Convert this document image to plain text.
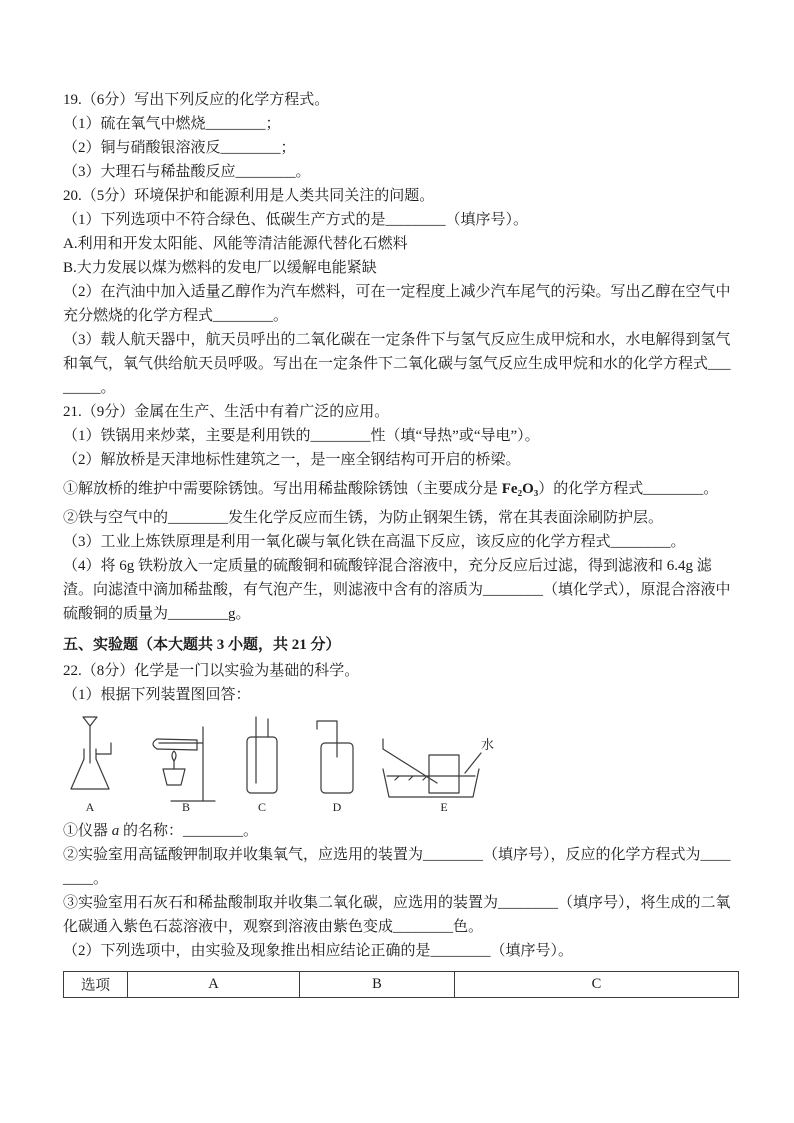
19.（6分）写出下列反应的化学方程式。

（1）硫在氧气中燃烧________；

（2）铜与硝酸银溶液反________；

（3）大理石与稀盐酸反应________。

20.（5分）环境保护和能源利用是人类共同关注的问题。

（1）下列选项中不符合绿色、低碳生产方式的是________（填序号）。

A.利用和开发太阳能、风能等清洁能源代替化石燃料

B.大力发展以煤为燃料的发电厂以缓解电能紧缺

（2）在汽油中加入适量乙醇作为汽车燃料，可在一定程度上减少汽车尾气的污染。写出乙醇在空气中充分燃烧的化学方程式________。

（3）载人航天器中，航天员呼出的二氧化碳在一定条件下与氢气反应生成甲烷和水，水电解得到氢气和氧气，氧气供给航天员呼吸。写出在一定条件下二氧化碳与氢气反应生成甲烷和水的化学方程式________。

21.（9分）金属在生产、生活中有着广泛的应用。

（1）铁锅用来炒菜，主要是利用铁的________性（填“导热”或“导电”）。

（2）解放桥是天津地标性建筑之一，是一座全钢结构可开启的桥梁。

①解放桥的维护中需要除锈蚀。写出用稀盐酸除锈蚀（主要成分是 Fe₂O₃）的化学方程式________。

②铁与空气中的________发生化学反应而生锈，为防止钢架生锈，常在其表面涂刷防护层。

（3）工业上炼铁原理是利用一氧化碳与氧化铁在高温下反应，该反应的化学方程式________。

（4）将 6g 铁粉放入一定质量的硫酸铜和硫酸锌混合溶液中，充分反应后过滤，得到滤液和 6.4g 滤渣。向滤渣中滴加稀盐酸，有气泡产生，则滤液中含有的溶质为________（填化学式），原混合溶液中硫酸铜的质量为________g。

五、实验题（本大题共 3 小题，共 21 分）

22.（8分）化学是一门以实验为基础的科学。

（1）根据下列装置图回答：

A	B	C	D	E
水

①仪器 a 的名称：________。

②实验室用高锰酸钾制取并收集氧气，应选用的装置为________（填序号），反应的化学方程式为________。

③实验室用石灰石和稀盐酸制取并收集二氧化碳，应选用的装置为________（填序号），将生成的二氧化碳通入紫色石蕊溶液中，观察到溶液由紫色变成________色。

（2）下列选项中，由实验及现象推出相应结论正确的是________（填序号）。

选项	A	B	C
